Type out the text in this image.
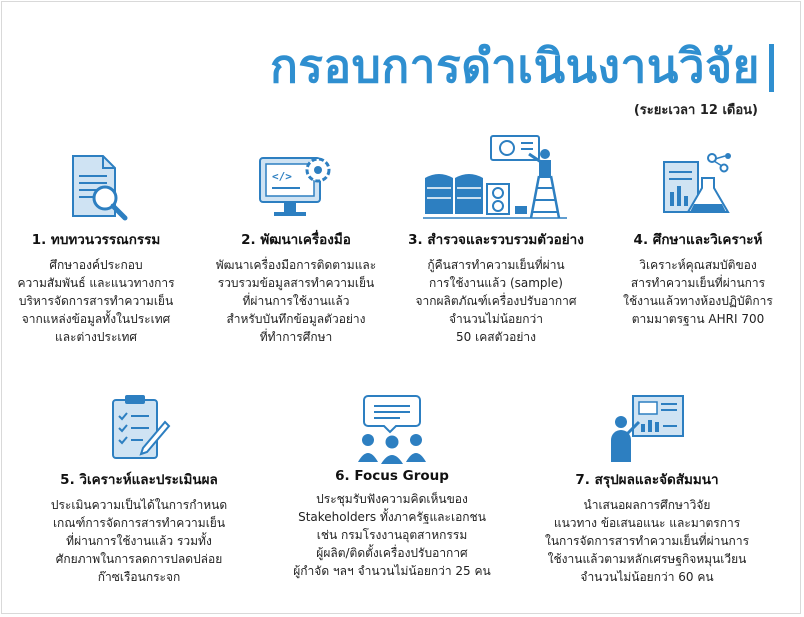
กรอบการดำเนินงานวิจัย
(ระยะเวลา 12 เดือน)
1. ทบทวนวรรณกรรม
ศึกษาองค์ประกอบ
ความสัมพันธ์ และแนวทางการ
บริหารจัดการสารทำความเย็น
จากแหล่งข้อมูลทั้งในประเทศ
และต่างประเทศ
</>
2. พัฒนาเครื่องมือ
พัฒนาเครื่องมือการติดตามและ
รวบรวมข้อมูลสารทำความเย็น
ที่ผ่านการใช้งานแล้ว
สำหรับบันทึกข้อมูลตัวอย่าง
ที่ทำการศึกษา
3. สำรวจและรวบรวมตัวอย่าง
กู้คืนสารทำความเย็นที่ผ่าน
การใช้งานแล้ว (sample)
จากผลิตภัณฑ์เครื่องปรับอากาศ
จำนวนไม่น้อยกว่า
50 เคสตัวอย่าง
4. ศึกษาและวิเคราะห์
วิเคราะห์คุณสมบัติของ
สารทำความเย็นที่ผ่านการ
ใช้งานแล้วทางห้องปฏิบัติการ
ตามมาตรฐาน AHRI 700
5. วิเคราะห์และประเมินผล
ประเมินความเป็นได้ในการกำหนด
เกณฑ์การจัดการสารทำความเย็น
ที่ผ่านการใช้งานแล้ว รวมทั้ง
ศักยภาพในการลดการปลดปล่อย
ก๊าซเรือนกระจก
6. Focus Group
ประชุมรับฟังความคิดเห็นของ
Stakeholders ทั้งภาครัฐและเอกชน
เช่น กรมโรงงานอุตสาหกรรม
ผู้ผลิต/ติดตั้งเครื่องปรับอากาศ
ผู้กำจัด ฯลฯ จำนวนไม่น้อยกว่า 25 คน
7. สรุปผลและจัดสัมมนา
นำเสนอผลการศึกษาวิจัย
แนวทาง ข้อเสนอแนะ และมาตรการ
ในการจัดการสารทำความเย็นที่ผ่านการ
ใช้งานแล้วตามหลักเศรษฐกิจหมุนเวียน
จำนวนไม่น้อยกว่า 60 คน
